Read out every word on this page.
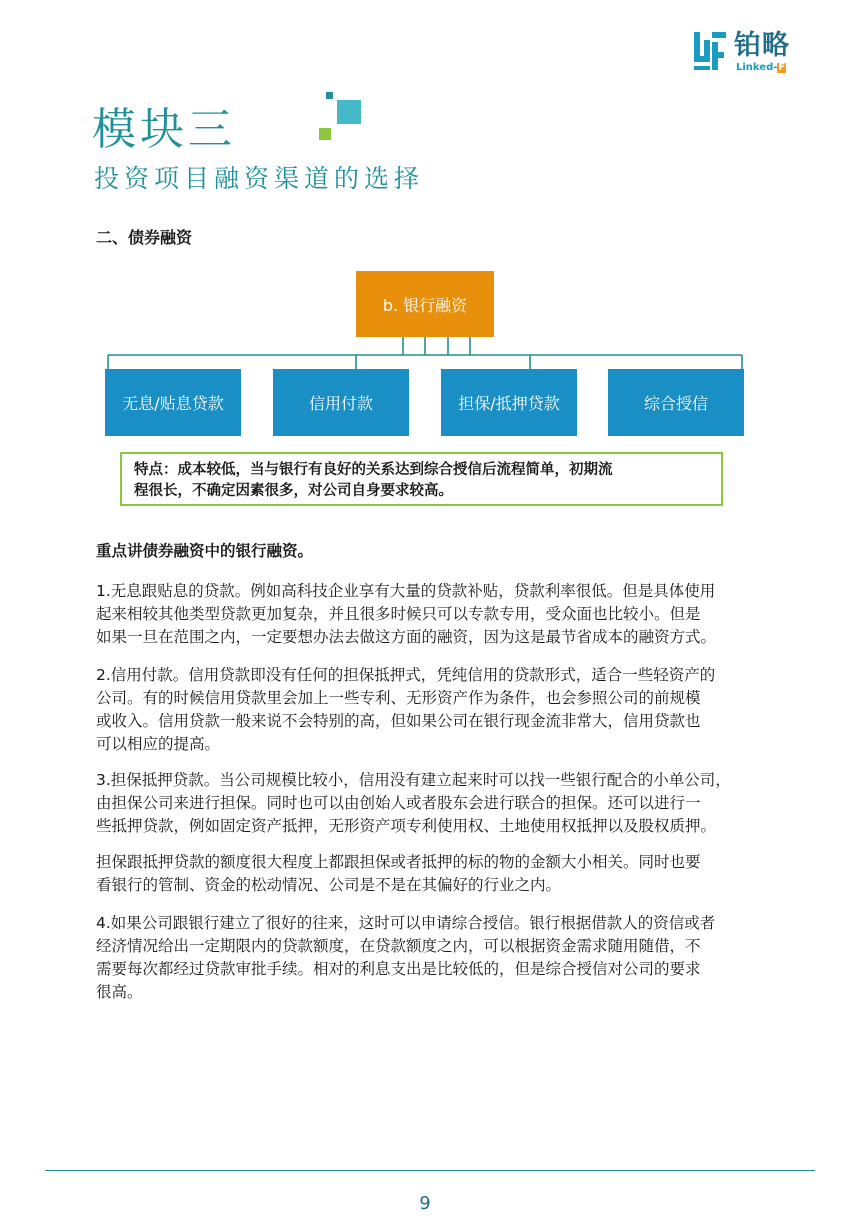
铂略
Linked-F
模块三
投资项目融资渠道的选择
二、债券融资
b. 银行融资
无息/贴息贷款	信用付款	担保/抵押贷款	综合授信
特点：成本较低，当与银行有良好的关系达到综合授信后流程简单，初期流
程很长，不确定因素很多，对公司自身要求较高。

重点讲债券融资中的银行融资。

1.无息跟贴息的贷款。例如高科技企业享有大量的贷款补贴，贷款利率很低。但是具体使用
起来相较其他类型贷款更加复杂，并且很多时候只可以专款专用，受众面也比较小。但是
如果一旦在范围之内，一定要想办法去做这方面的融资，因为这是最节省成本的融资方式。
2.信用付款。信用贷款即没有任何的担保抵押式，凭纯信用的贷款形式，适合一些轻资产的
公司。有的时候信用贷款里会加上一些专利、无形资产作为条件，也会参照公司的前规模
或收入。信用贷款一般来说不会特别的高，但如果公司在银行现金流非常大，信用贷款也
可以相应的提高。
3.担保抵押贷款。当公司规模比较小，信用没有建立起来时可以找一些银行配合的小单公司，
由担保公司来进行担保。同时也可以由创始人或者股东会进行联合的担保。还可以进行一
些抵押贷款，例如固定资产抵押，无形资产项专利使用权、土地使用权抵押以及股权质押。
担保跟抵押贷款的额度很大程度上都跟担保或者抵押的标的物的金额大小相关。同时也要
看银行的管制、资金的松动情况、公司是不是在其偏好的行业之内。
4.如果公司跟银行建立了很好的往来，这时可以申请综合授信。银行根据借款人的资信或者
经济情况给出一定期限内的贷款额度，在贷款额度之内，可以根据资金需求随用随借，不
需要每次都经过贷款审批手续。相对的利息支出是比较低的，但是综合授信对公司的要求
很高。
9
